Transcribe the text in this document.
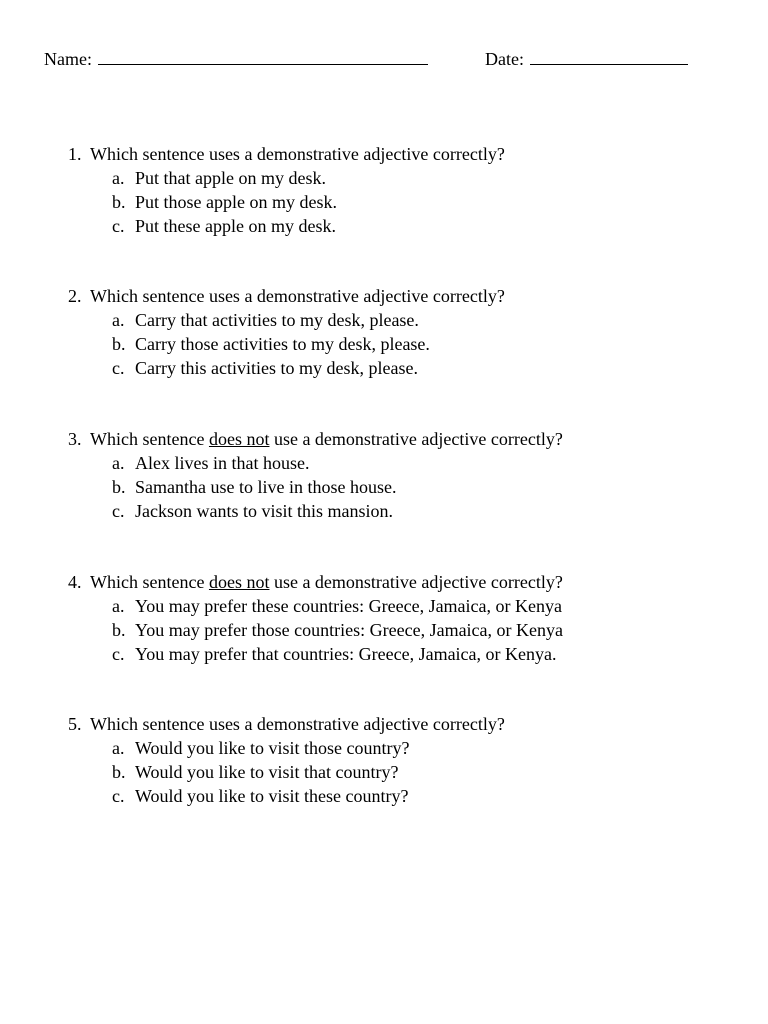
Name:	Date:
1. Which sentence uses a demonstrative adjective correctly?
a. Put that apple on my desk.
b. Put those apple on my desk.
c. Put these apple on my desk.
2. Which sentence uses a demonstrative adjective correctly?
a. Carry that activities to my desk, please.
b. Carry those activities to my desk, please.
c. Carry this activities to my desk, please.
3. Which sentence does not use a demonstrative adjective correctly?
a. Alex lives in that house.
b. Samantha use to live in those house.
c. Jackson wants to visit this mansion.
4. Which sentence does not use a demonstrative adjective correctly?
a. You may prefer these countries: Greece, Jamaica, or Kenya
b. You may prefer those countries: Greece, Jamaica, or Kenya
c. You may prefer that countries: Greece, Jamaica, or Kenya.
5. Which sentence uses a demonstrative adjective correctly?
a. Would you like to visit those country?
b. Would you like to visit that country?
c. Would you like to visit these country?
